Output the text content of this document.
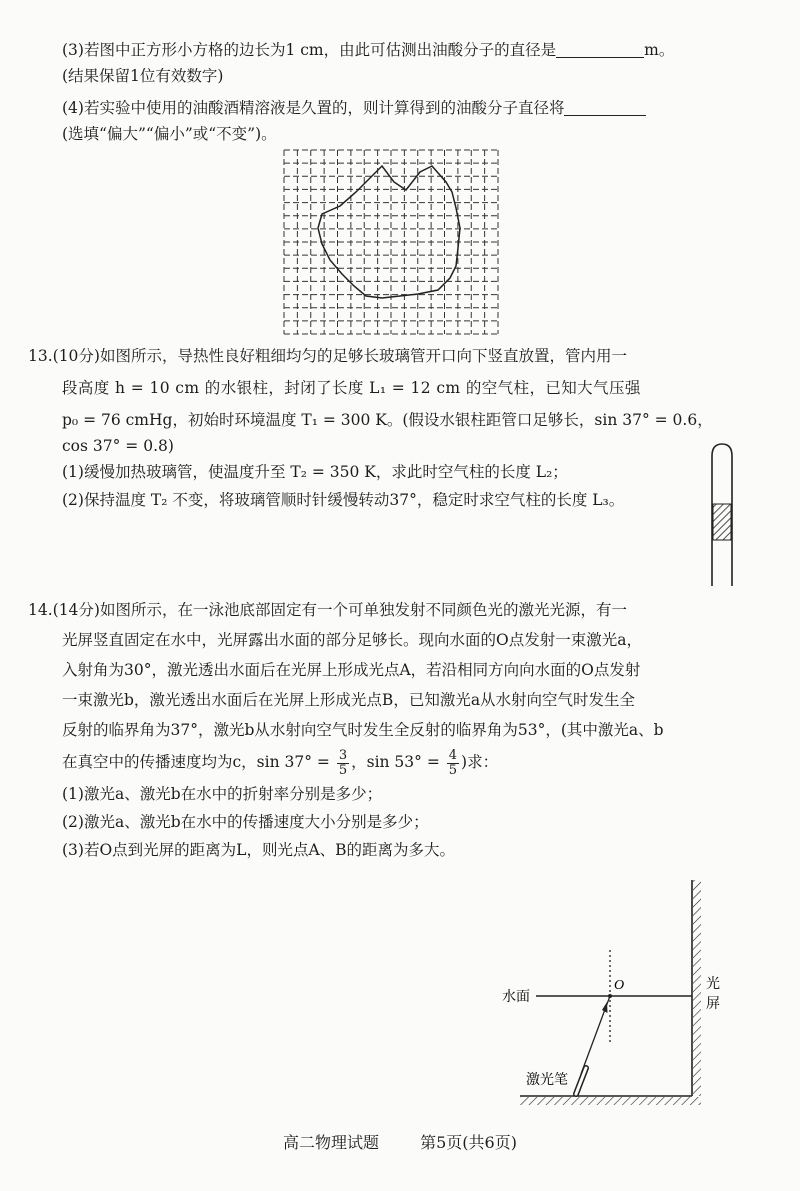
(3)若图中正方形小方格的边长为1 cm，由此可估测出油酸分子的直径是	m。
(结果保留1位有效数字)
(4)若实验中使用的油酸酒精溶液是久置的，则计算得到的油酸分子直径将
(选填“偏大”“偏小”或“不变”)。
13.(10分)如图所示，导热性良好粗细均匀的足够长玻璃管开口向下竖直放置，管内用一
段高度 h = 10 cm 的水银柱，封闭了长度 L₁ = 12 cm 的空气柱，已知大气压强
p₀ = 76 cmHg，初始时环境温度 T₁ = 300 K。(假设水银柱距管口足够长，sin 37° = 0.6，
cos 37° = 0.8)
(1)缓慢加热玻璃管，使温度升至 T₂ = 350 K，求此时空气柱的长度 L₂；
(2)保持温度 T₂ 不变，将玻璃管顺时针缓慢转动37°，稳定时求空气柱的长度 L₃。
14.(14分)如图所示，在一泳池底部固定有一个可单独发射不同颜色光的激光光源，有一
光屏竖直固定在水中，光屏露出水面的部分足够长。现向水面的O点发射一束激光a，
入射角为30°，激光透出水面后在光屏上形成光点A，若沿相同方向向水面的O点发射
一束激光b，激光透出水面后在光屏上形成光点B，已知激光a从水射向空气时发生全
反射的临界角为37°，激光b从水射向空气时发生全反射的临界角为53°，(其中激光a、b
在真空中的传播速度均为c，$\sin 37^\circ = \frac{3}{5}$ ，$\sin 53^\circ = \frac{4}{5}$ )求：
(1)激光a、激光b在水中的折射率分别是多少；
(2)激光a、激光b在水中的传播速度大小分别是多少；
(3)若O点到光屏的距离为L，则光点A、B的距离为多大。
水面
O	光
屏
激光笔
高二物理试题	第5页(共6页)
